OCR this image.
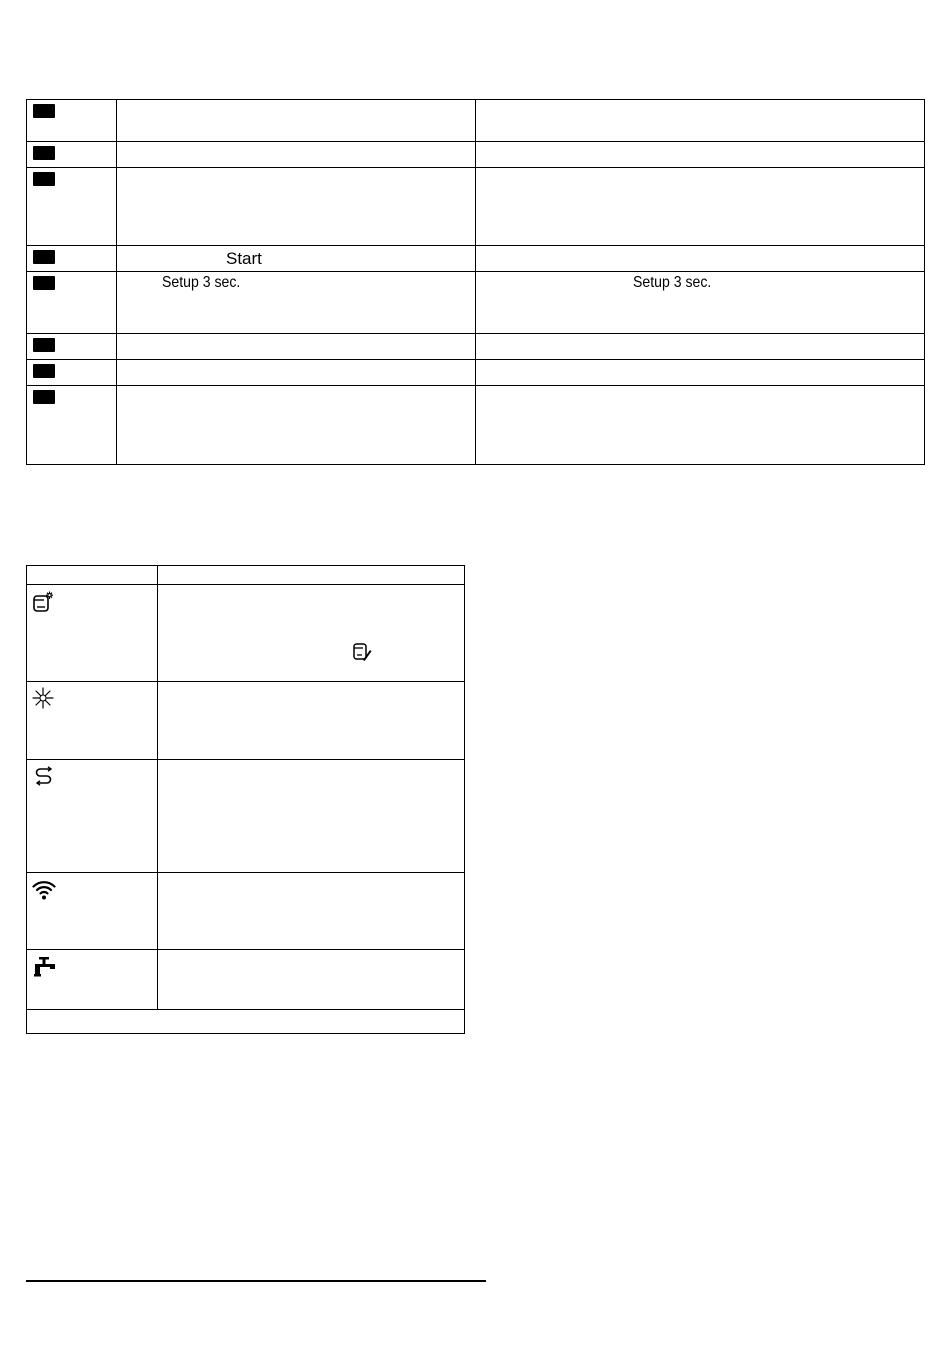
	Start	

	Setup 3 sec.	Setup 3 sec.
